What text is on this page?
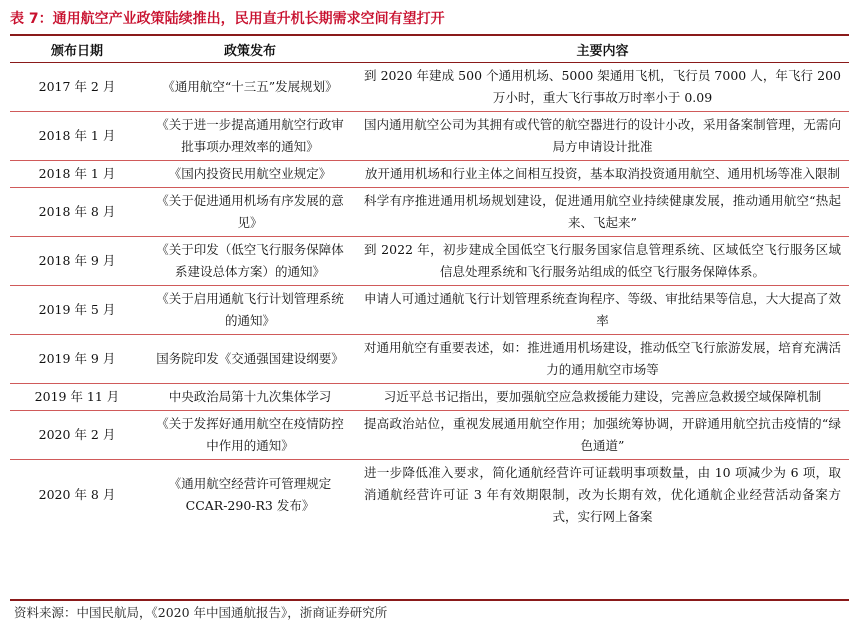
表 7：通用航空产业政策陆续推出，民用直升机长期需求空间有望打开
颁布日期	政策发布	主要内容
2017 年 2 月	《通用航空“十三五”发展规划》	到 2020 年建成 500 个通用机场、5000 架通用飞机，飞行员 7000 人，年飞行 200 万小时，重大飞行事故万时率小于 0.09
2018 年 1 月	《关于进一步提高通用航空行政审批事项办理效率的通知》	国内通用航空公司为其拥有或代管的航空器进行的设计小改，采用备案制管理，无需向局方申请设计批准
2018 年 1 月	《国内投资民用航空业规定》	放开通用机场和行业主体之间相互投资，基本取消投资通用航空、通用机场等准入限制
2018 年 8 月	《关于促进通用机场有序发展的意见》	科学有序推进通用机场规划建设，促进通用航空业持续健康发展，推动通用航空“热起来、飞起来”
2018 年 9 月	《关于印发（低空飞行服务保障体系建设总体方案）的通知》	到 2022 年，初步建成全国低空飞行服务国家信息管理系统、区域低空飞行服务区域信息处理系统和飞行服务站组成的低空飞行服务保障体系。
2019 年 5 月	《关于启用通航飞行计划管理系统的通知》	申请人可通过通航飞行计划管理系统查询程序、等级、审批结果等信息，大大提高了效率
2019 年 9 月	国务院印发《交通强国建设纲要》	对通用航空有重要表述，如：推进通用机场建设，推动低空飞行旅游发展，培育充满活力的通用航空市场等
2019 年 11 月	中央政治局第十九次集体学习	习近平总书记指出，要加强航空应急救援能力建设，完善应急救援空域保障机制
2020 年 2 月	《关于发挥好通用航空在疫情防控中作用的通知》	提高政治站位，重视发展通用航空作用；加强统筹协调，开辟通用航空抗击疫情的“绿色通道”
2020 年 8 月	《通用航空经营许可管理规定 CCAR-290-R3 发布》	进一步降低准入要求，简化通航经营许可证载明事项数量，由 10 项减少为 6 项，取消通航经营许可证 3 年有效期限制，改为长期有效，优化通航企业经营活动备案方式，实行网上备案
资料来源：中国民航局，《2020 年中国通航报告》，浙商证券研究所
